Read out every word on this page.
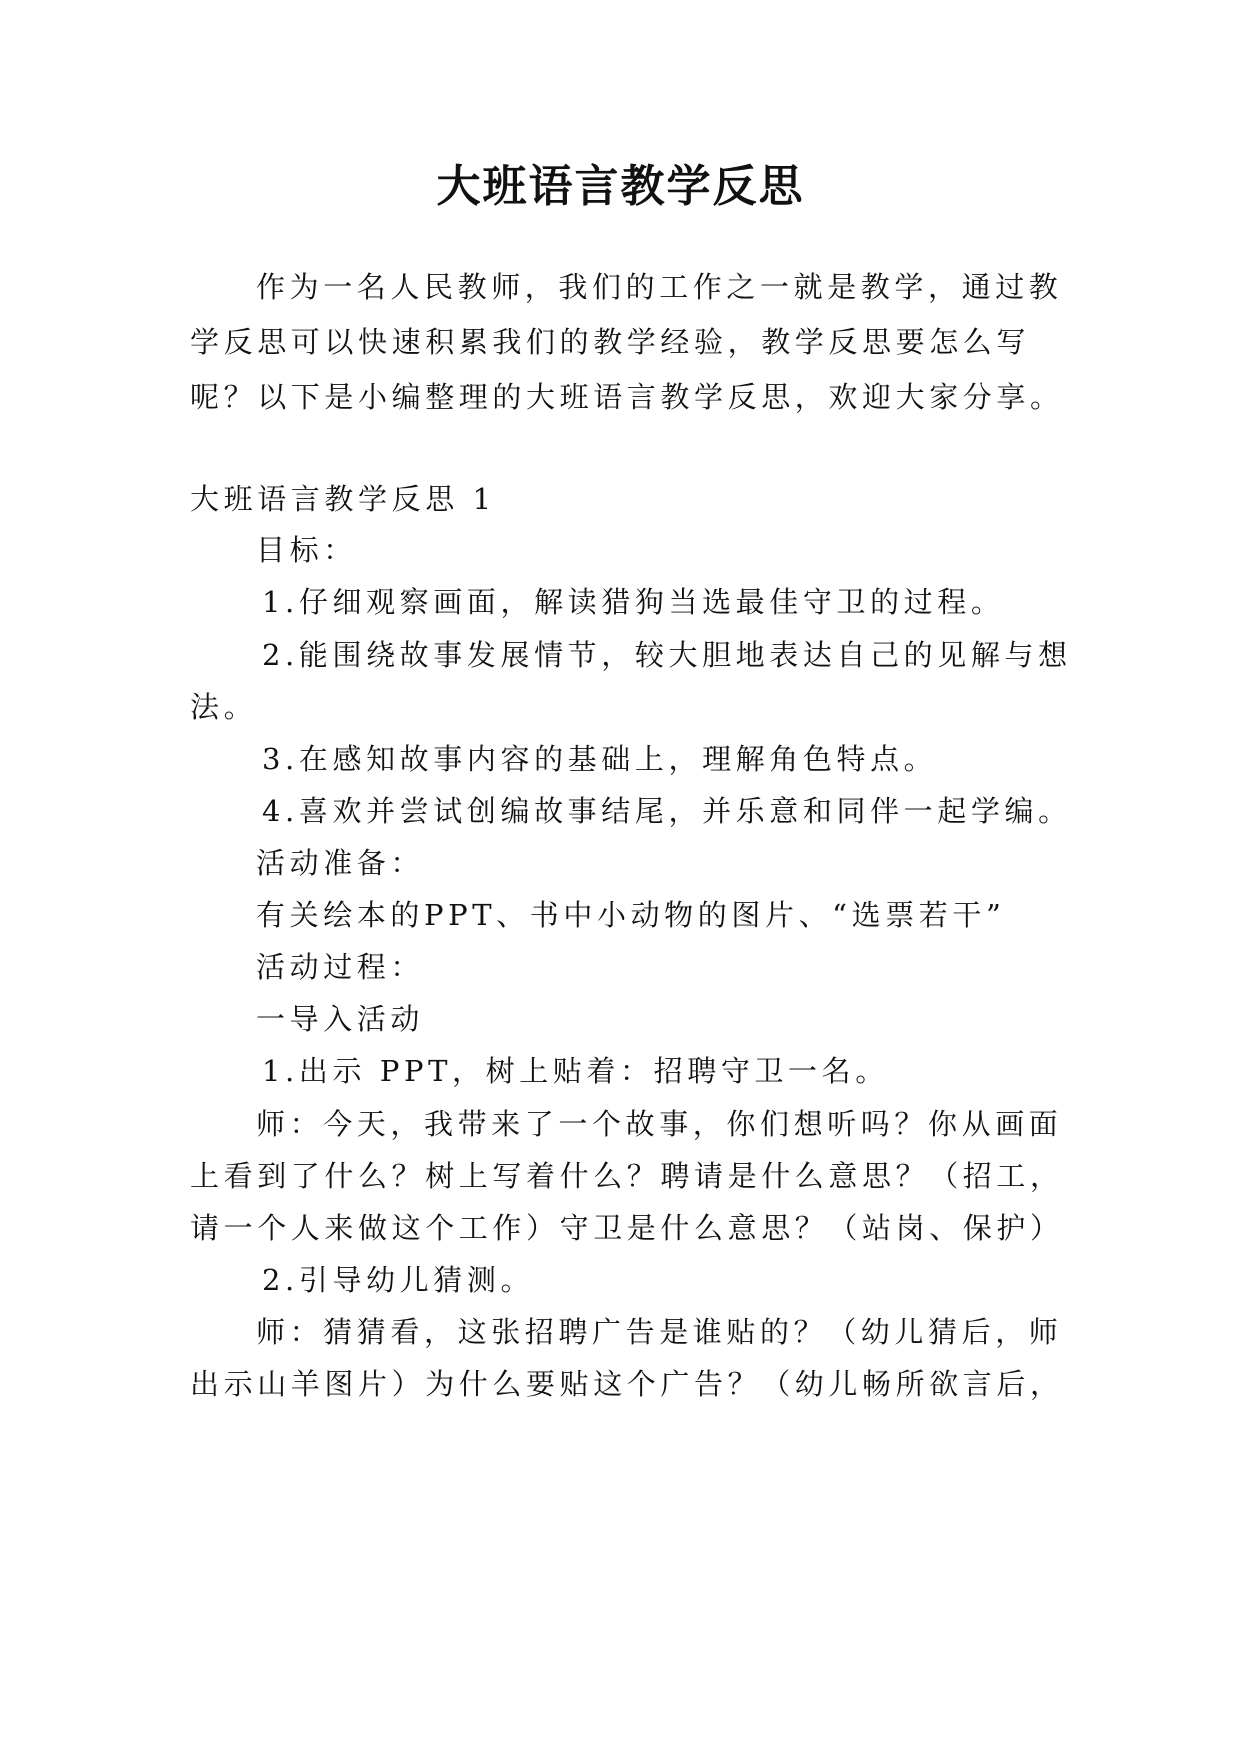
大班语言教学反思
作为一名人民教师，我们的工作之一就是教学，通过教
学反思可以快速积累我们的教学经验，教学反思要怎么写
呢？以下是小编整理的大班语言教学反思，欢迎大家分享。
大班语言教学反思 1
目标：
1.仔细观察画面，解读猎狗当选最佳守卫的过程。
2.能围绕故事发展情节，较大胆地表达自己的见解与想
法。
3.在感知故事内容的基础上，理解角色特点。
4.喜欢并尝试创编故事结尾，并乐意和同伴一起学编。
活动准备：
有关绘本的PPT、书中小动物的图片、“选票若干”
活动过程：
一导入活动
1.出示 PPT，树上贴着：招聘守卫一名。
师：今天，我带来了一个故事，你们想听吗？你从画面
上看到了什么？树上写着什么？聘请是什么意思？（招工，
请一个人来做这个工作）守卫是什么意思？（站岗、保护）
2.引导幼儿猜测。
师：猜猜看，这张招聘广告是谁贴的？（幼儿猜后，师
出示山羊图片）为什么要贴这个广告？（幼儿畅所欲言后，
